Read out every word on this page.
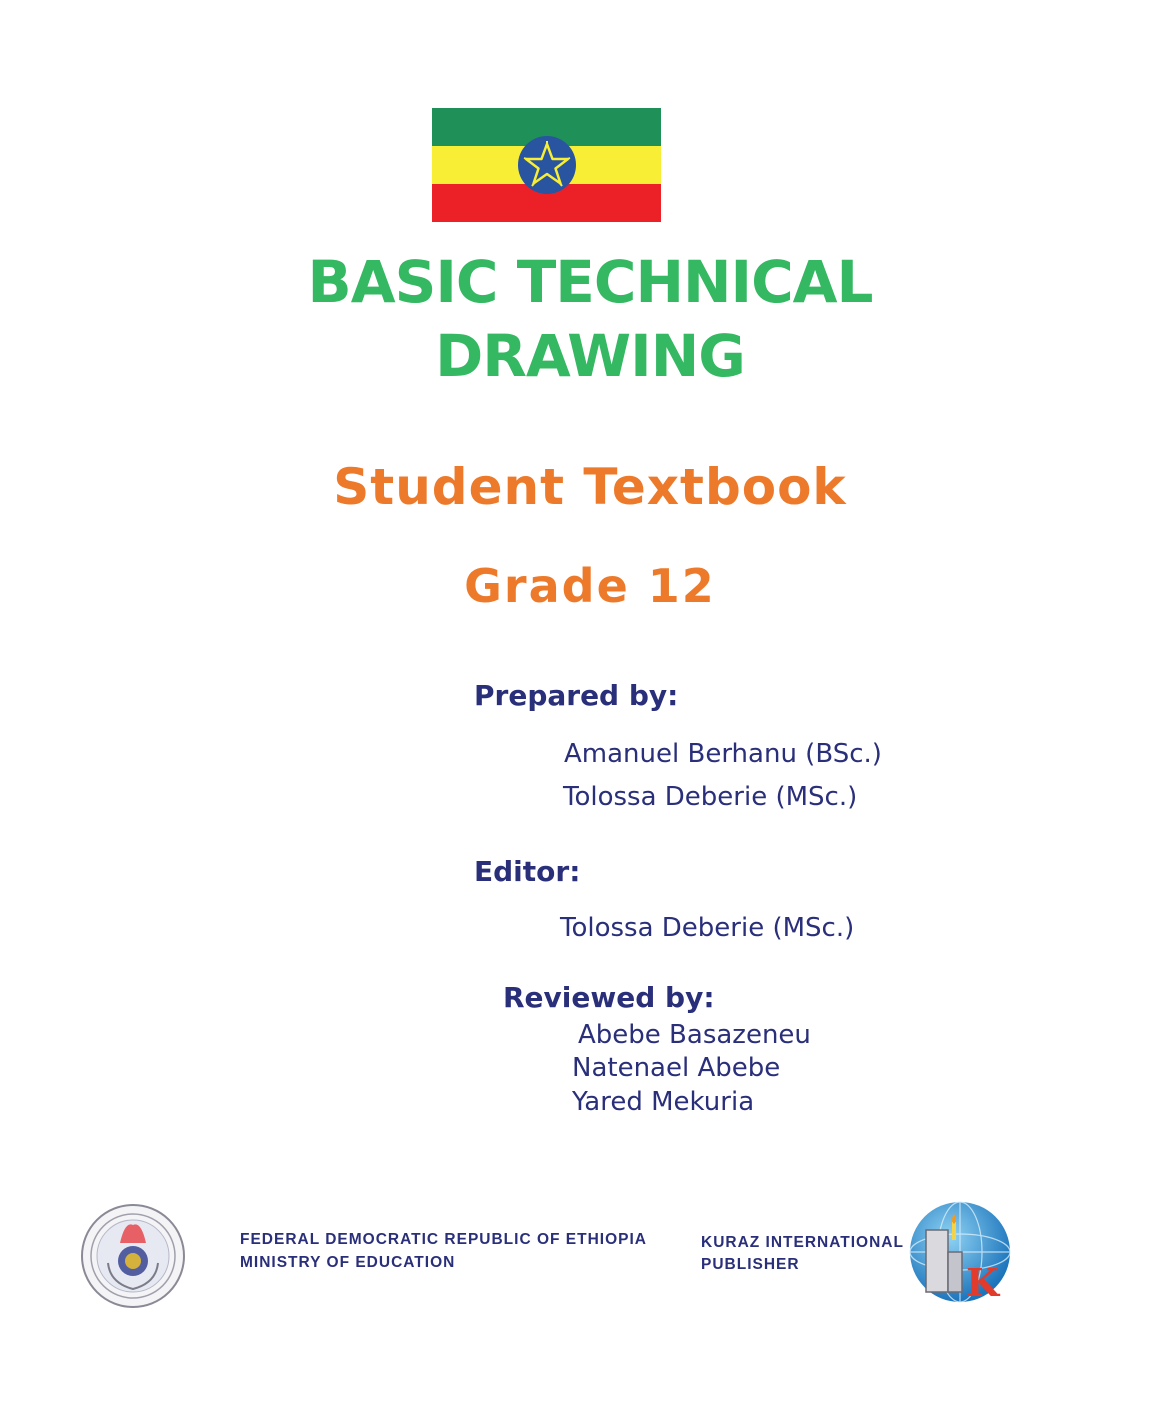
BASIC TECHNICAL
DRAWING
Student Textbook
Grade 12
Prepared by:
Amanuel Berhanu (BSc.)
Tolossa Deberie (MSc.)
Editor:
Tolossa Deberie (MSc.)
Reviewed by:
Abebe Basazeneu
Natenael Abebe
Yared Mekuria
FEDERAL DEMOCRATIC REPUBLIC OF ETHIOPIA
MINISTRY OF EDUCATION
KURAZ INTERNATIONAL
PUBLISHER	K
